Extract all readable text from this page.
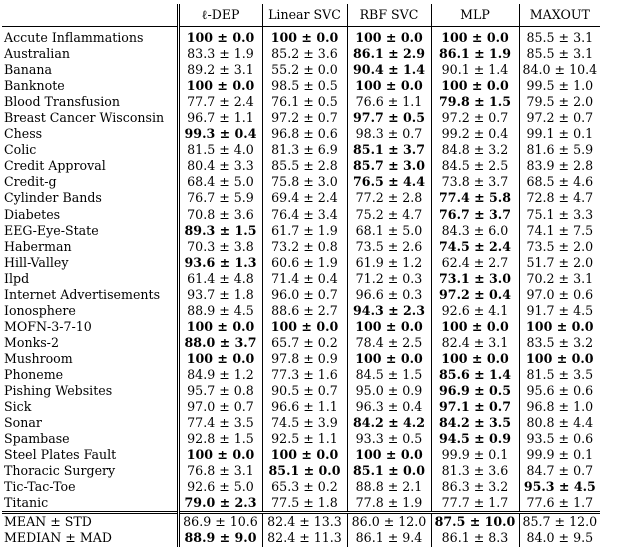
	ℓ-DEP	Linear SVC	RBF SVC	MLP	MAXOUT
Accute Inflammations	100 ± 0.0	100 ± 0.0	100 ± 0.0	100 ± 0.0	85.5 ± 3.1
Australian	83.3 ± 1.9	85.2 ± 3.6	86.1 ± 2.9	86.1 ± 1.9	85.5 ± 3.1
Banana	89.2 ± 3.1	55.2 ± 0.0	90.4 ± 1.4	90.1 ± 1.4	84.0 ± 10.4
Banknote	100 ± 0.0	98.5 ± 0.5	100 ± 0.0	100 ± 0.0	99.5 ± 1.0
Blood Transfusion	77.7 ± 2.4	76.1 ± 0.5	76.6 ± 1.1	79.8 ± 1.5	79.5 ± 2.0
Breast Cancer Wisconsin	96.7 ± 1.1	97.2 ± 0.7	97.7 ± 0.5	97.2 ± 0.7	97.2 ± 0.7
Chess	99.3 ± 0.4	96.8 ± 0.6	98.3 ± 0.7	99.2 ± 0.4	99.1 ± 0.1
Colic	81.5 ± 4.0	81.3 ± 6.9	85.1 ± 3.7	84.8 ± 3.2	81.6 ± 5.9
Credit Approval	80.4 ± 3.3	85.5 ± 2.8	85.7 ± 3.0	84.5 ± 2.5	83.9 ± 2.8
Credit-g	68.4 ± 5.0	75.8 ± 3.0	76.5 ± 4.4	73.8 ± 3.7	68.5 ± 4.6
Cylinder Bands	76.7 ± 5.9	69.4 ± 2.4	77.2 ± 2.8	77.4 ± 5.8	72.8 ± 4.7
Diabetes	70.8 ± 3.6	76.4 ± 3.4	75.2 ± 4.7	76.7 ± 3.7	75.1 ± 3.3
EEG-Eye-State	89.3 ± 1.5	61.7 ± 1.9	68.1 ± 5.0	84.3 ± 6.0	74.1 ± 7.5
Haberman	70.3 ± 3.8	73.2 ± 0.8	73.5 ± 2.6	74.5 ± 2.4	73.5 ± 2.0
Hill-Valley	93.6 ± 1.3	60.6 ± 1.9	61.9 ± 1.2	62.4 ± 2.7	51.7 ± 2.0
Ilpd	61.4 ± 4.8	71.4 ± 0.4	71.2 ± 0.3	73.1 ± 3.0	70.2 ± 3.1
Internet Advertisements	93.7 ± 1.8	96.0 ± 0.7	96.6 ± 0.3	97.2 ± 0.4	97.0 ± 0.6
Ionosphere	88.9 ± 4.5	88.6 ± 2.7	94.3 ± 2.3	92.6 ± 4.1	91.7 ± 4.5
MOFN-3-7-10	100 ± 0.0	100 ± 0.0	100 ± 0.0	100 ± 0.0	100 ± 0.0
Monks-2	88.0 ± 3.7	65.7 ± 0.2	78.4 ± 2.5	82.4 ± 3.1	83.5 ± 3.2
Mushroom	100 ± 0.0	97.8 ± 0.9	100 ± 0.0	100 ± 0.0	100 ± 0.0
Phoneme	84.9 ± 1.2	77.3 ± 1.6	84.5 ± 1.5	85.6 ± 1.4	81.5 ± 3.5
Pishing Websites	95.7 ± 0.8	90.5 ± 0.7	95.0 ± 0.9	96.9 ± 0.5	95.6 ± 0.6
Sick	97.0 ± 0.7	96.6 ± 1.1	96.3 ± 0.4	97.1 ± 0.7	96.8 ± 1.0
Sonar	77.4 ± 3.5	74.5 ± 3.9	84.2 ± 4.2	84.2 ± 3.5	80.8 ± 4.4
Spambase	92.8 ± 1.5	92.5 ± 1.1	93.3 ± 0.5	94.5 ± 0.9	93.5 ± 0.6
Steel Plates Fault	100 ± 0.0	100 ± 0.0	100 ± 0.0	99.9 ± 0.1	99.9 ± 0.1
Thoracic Surgery	76.8 ± 3.1	85.1 ± 0.0	85.1 ± 0.0	81.3 ± 3.6	84.7 ± 0.7
Tic-Tac-Toe	92.6 ± 5.0	65.3 ± 0.2	88.8 ± 2.1	86.3 ± 3.2	95.3 ± 4.5
Titanic	79.0 ± 2.3	77.5 ± 1.8	77.8 ± 1.9	77.7 ± 1.7	77.6 ± 1.7
MEAN ± STD	86.9 ± 10.6	82.4 ± 13.3	86.0 ± 12.0	87.5 ± 10.0	85.7 ± 12.0
MEDIAN ± MAD	88.9 ± 9.0	82.4 ± 11.3	86.1 ± 9.4	86.1 ± 8.3	84.0 ± 9.5
